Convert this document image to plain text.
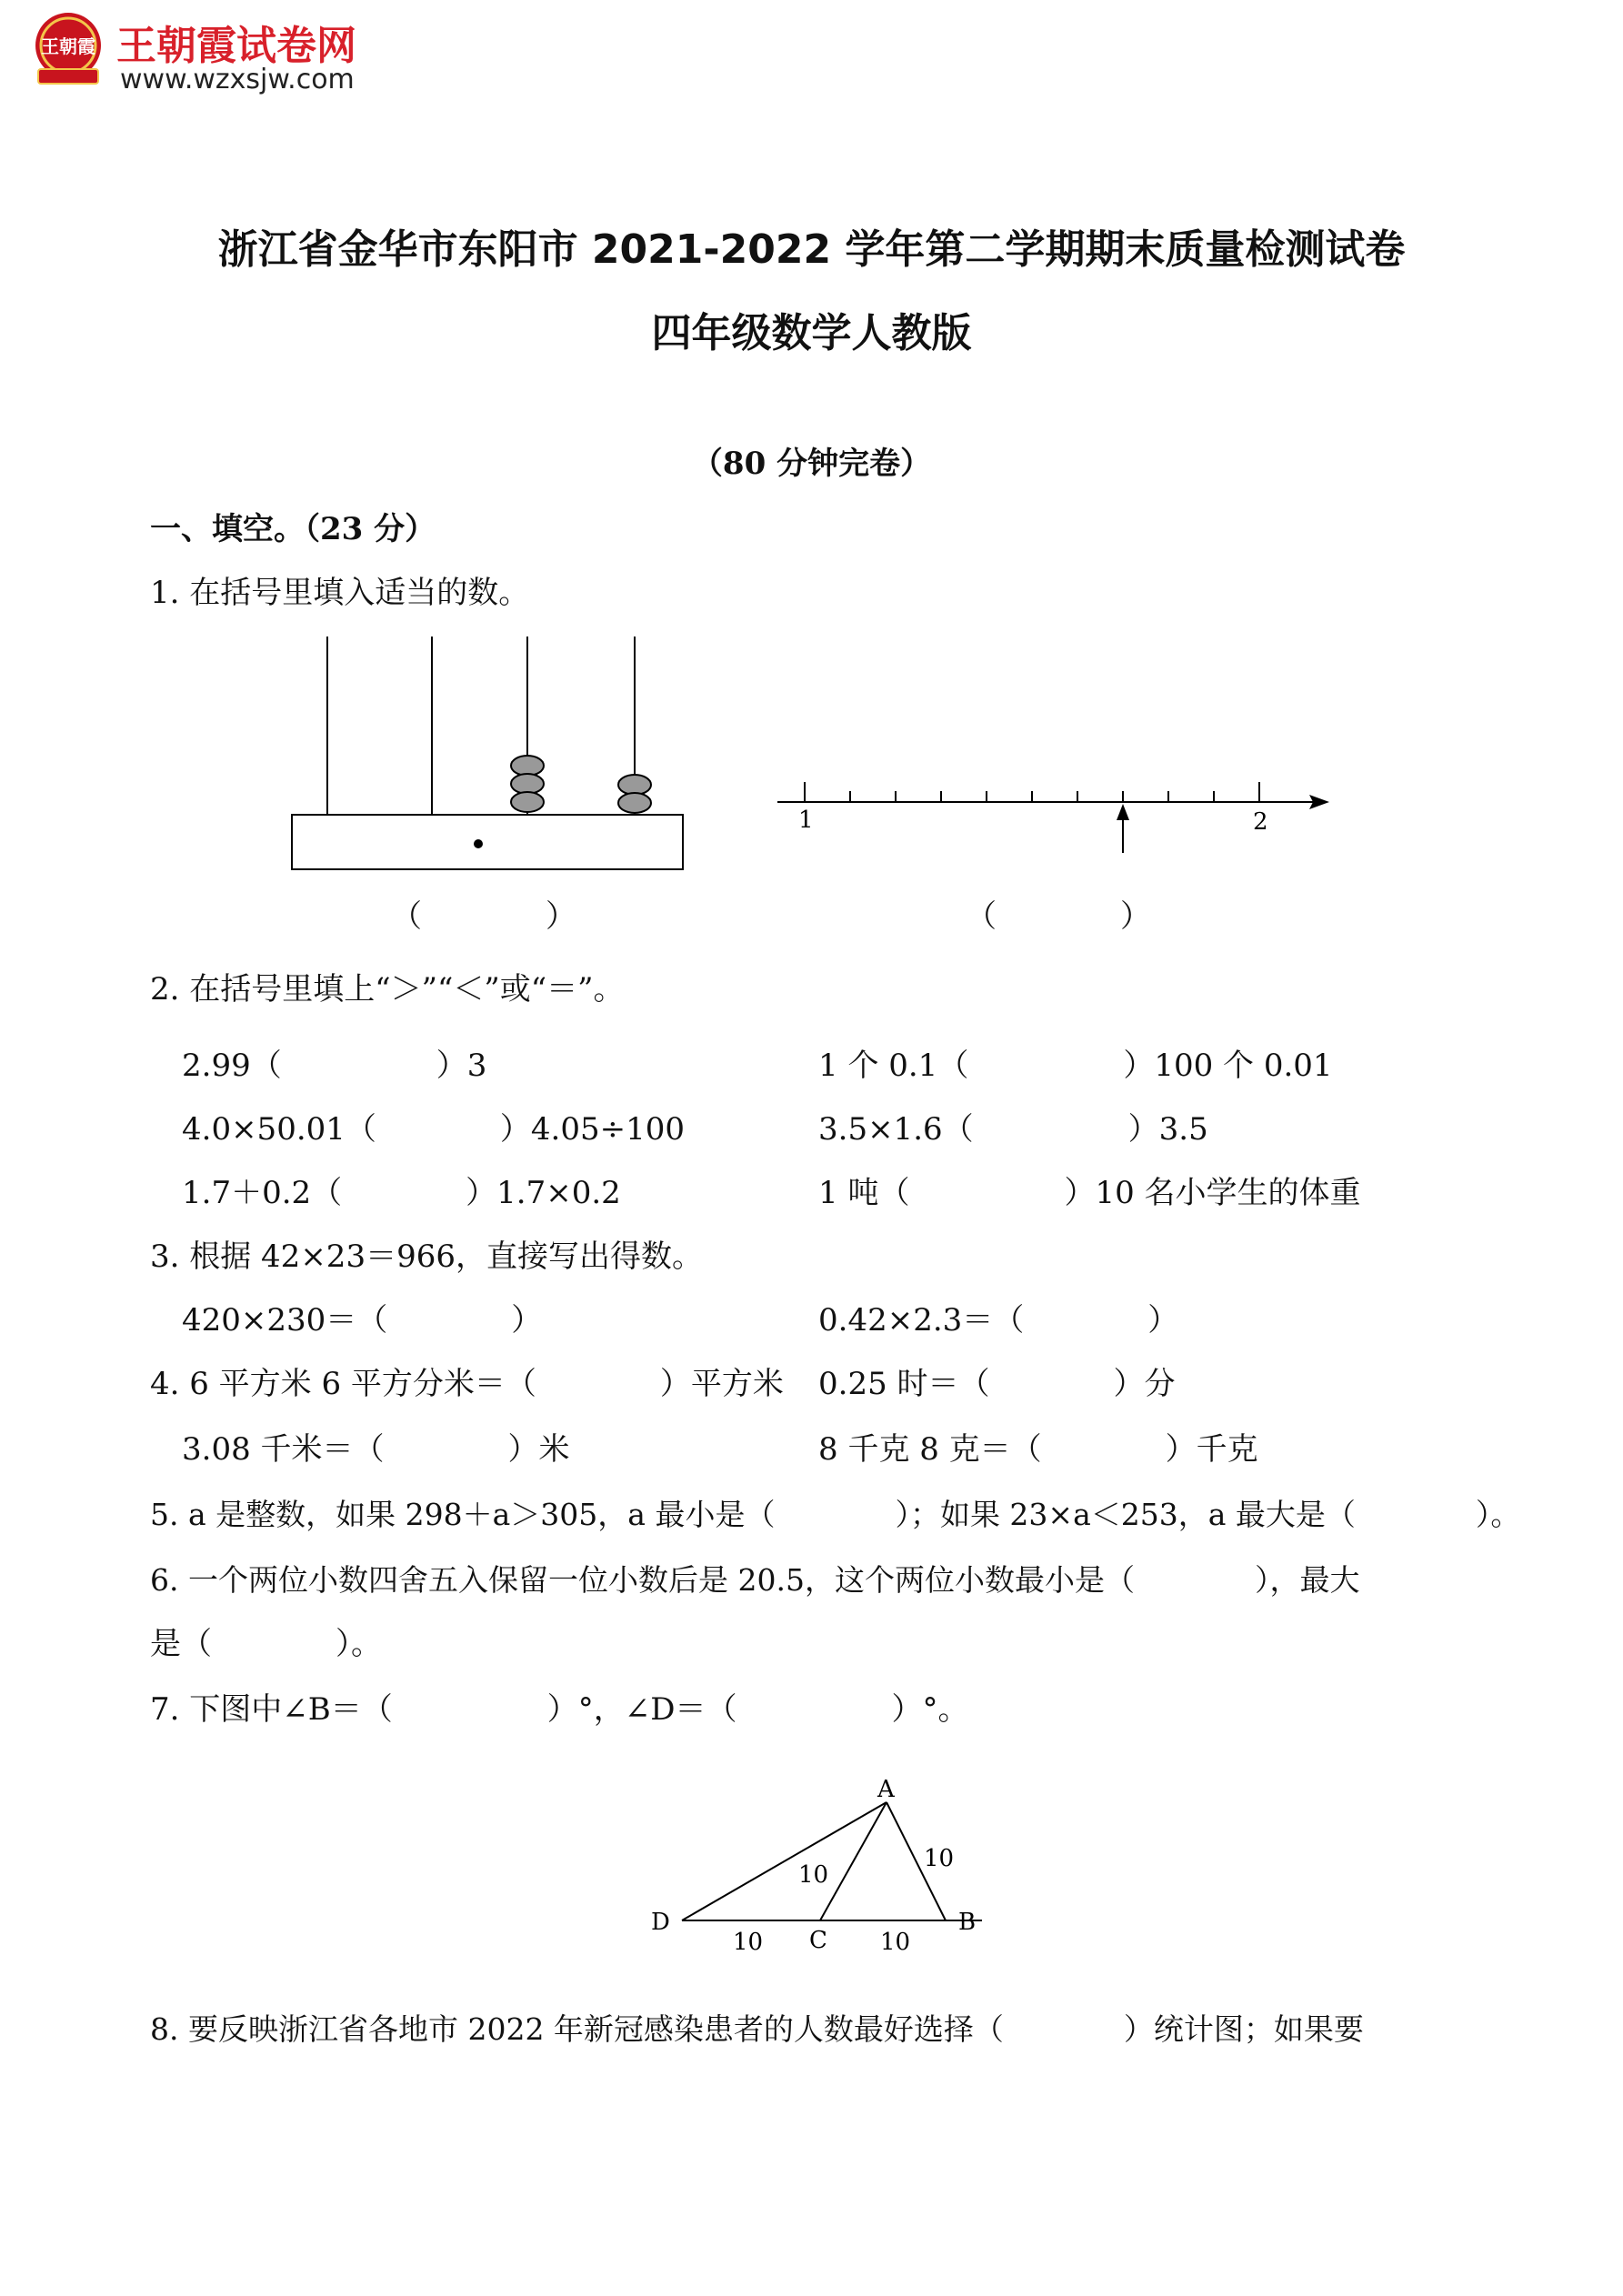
王朝霞 王朝霞试卷网
www.wzxsjw.com
浙江省金华市东阳市 2021-2022 学年第二学期期末质量检测试卷
四年级数学人教版
（80 分钟完卷）
一、填空。（23 分）
1. 在括号里填入适当的数。
（　　　　）
1	2
（　　　　）
2. 在括号里填上“＞”“＜”或“＝”。
2.99（　　　　　）3	1 个 0.1（　　　　　）100 个 0.01
4.0×50.01（　　　　）4.05÷100	3.5×1.6（　　　　　）3.5
1.7＋0.2（　　　　）1.7×0.2	1 吨（　　　　　）10 名小学生的体重
3. 根据 42×23＝966，直接写出得数。
420×230＝（　　　　）	0.42×2.3＝（　　　　）
4. 6 平方米 6 平方分米＝（　　　　）平方米 0.25 时＝（　　　　）分
3.08 千米＝（　　　　）米	8 千克 8 克＝（　　　　）千克
5. a 是整数，如果 298＋a＞305，a 最小是（　　　　）；如果 23×a＜253，a 最大是（　　　　）。
6. 一个两位小数四舍五入保留一位小数后是 20.5，这个两位小数最小是（　　　　），最大
是（　　　　）。
7. 下图中∠B＝（　　　　　）°，∠D＝（　　　　　）°。
A
B
C
D
10	10
10
10
8. 要反映浙江省各地市 2022 年新冠感染患者的人数最好选择（　　　　）统计图；如果要
